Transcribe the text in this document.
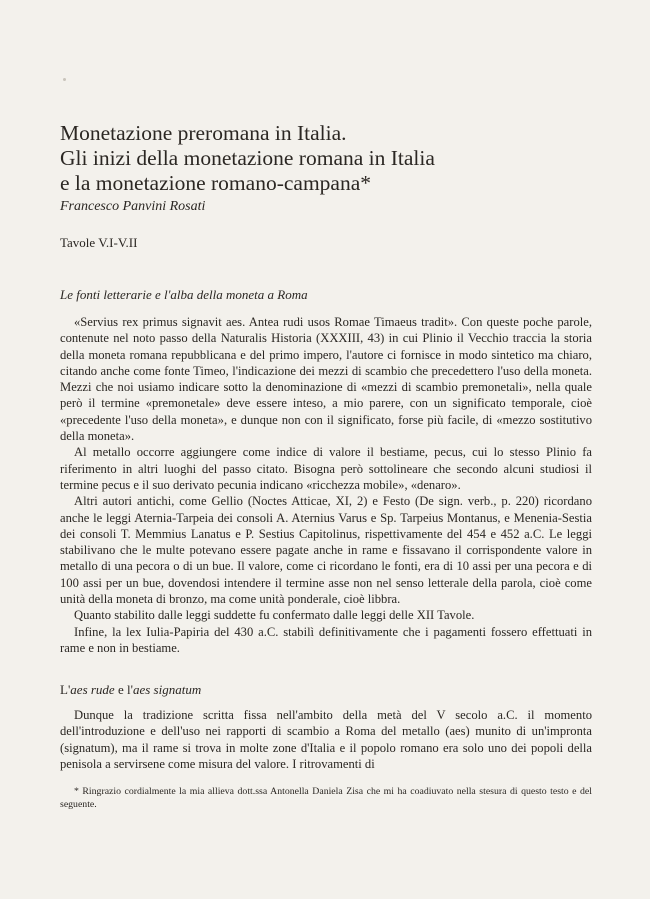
Monetazione preromana in Italia.
Gli inizi della monetazione romana in Italia
e la monetazione romano-campana*
Francesco Panvini Rosati
Tavole V.I-V.II
Le fonti letterarie e l'alba della moneta a Roma

«Servius rex primus signavit aes. Antea rudi usos Romae Timaeus tradit». Con queste poche parole, contenute nel noto passo della Naturalis Historia (XXXIII, 43) in cui Plinio il Vecchio traccia la storia della moneta romana repubblicana e del primo impero, l'autore ci fornisce in modo sintetico ma chiaro, citando anche come fonte Timeo, l'indicazione dei mezzi di scambio che precedettero l'uso della moneta. Mezzi che noi usiamo indicare sotto la denominazione di «mezzi di scambio premonetali», nella quale però il termine «premonetale» deve essere inteso, a mio parere, con un significato temporale, cioè «precedente l'uso della moneta», e dunque non con il significato, forse più facile, di «mezzo sostitutivo della moneta».

Al metallo occorre aggiungere come indice di valore il bestiame, pecus, cui lo stesso Plinio fa riferimento in altri luoghi del passo citato. Bisogna però sottolineare che secondo alcuni studiosi il termine pecus e il suo derivato pecunia indicano «ricchezza mobile», «denaro».

Altri autori antichi, come Gellio (Noctes Atticae, XI, 2) e Festo (De sign. verb., p. 220) ricordano anche le leggi Aternia-Tarpeia dei consoli A. Aternius Varus e Sp. Tarpeius Montanus, e Menenia-Sestia dei consoli T. Memmius Lanatus e P. Sestius Capitolinus, rispettivamente del 454 e 452 a.C. Le leggi stabilivano che le multe potevano essere pagate anche in rame e fissavano il corrispondente valore in metallo di una pecora o di un bue. Il valore, come ci ricordano le fonti, era di 10 assi per una pecora e di 100 assi per un bue, dovendosi intendere il termine asse non nel senso letterale della parola, cioè come unità della moneta di bronzo, ma come unità ponderale, cioè libbra.

Quanto stabilito dalle leggi suddette fu confermato dalle leggi delle XII Tavole.

Infine, la lex Iulia-Papiria del 430 a.C. stabilì definitivamente che i pagamenti fossero effettuati in rame e non in bestiame.

L'aes rude e l'aes signatum

Dunque la tradizione scritta fissa nell'ambito della metà del V secolo a.C. il momento dell'introduzione e dell'uso nei rapporti di scambio a Roma del metallo (aes) munito di un'impronta (signatum), ma il rame si trova in molte zone d'Italia e il popolo romano era solo uno dei popoli della penisola a servirsene come misura del valore. I ritrovamenti di

* Ringrazio cordialmente la mia allieva dott.ssa Antonella Daniela Zisa che mi ha coadiuvato nella stesura di questo testo e del seguente.
